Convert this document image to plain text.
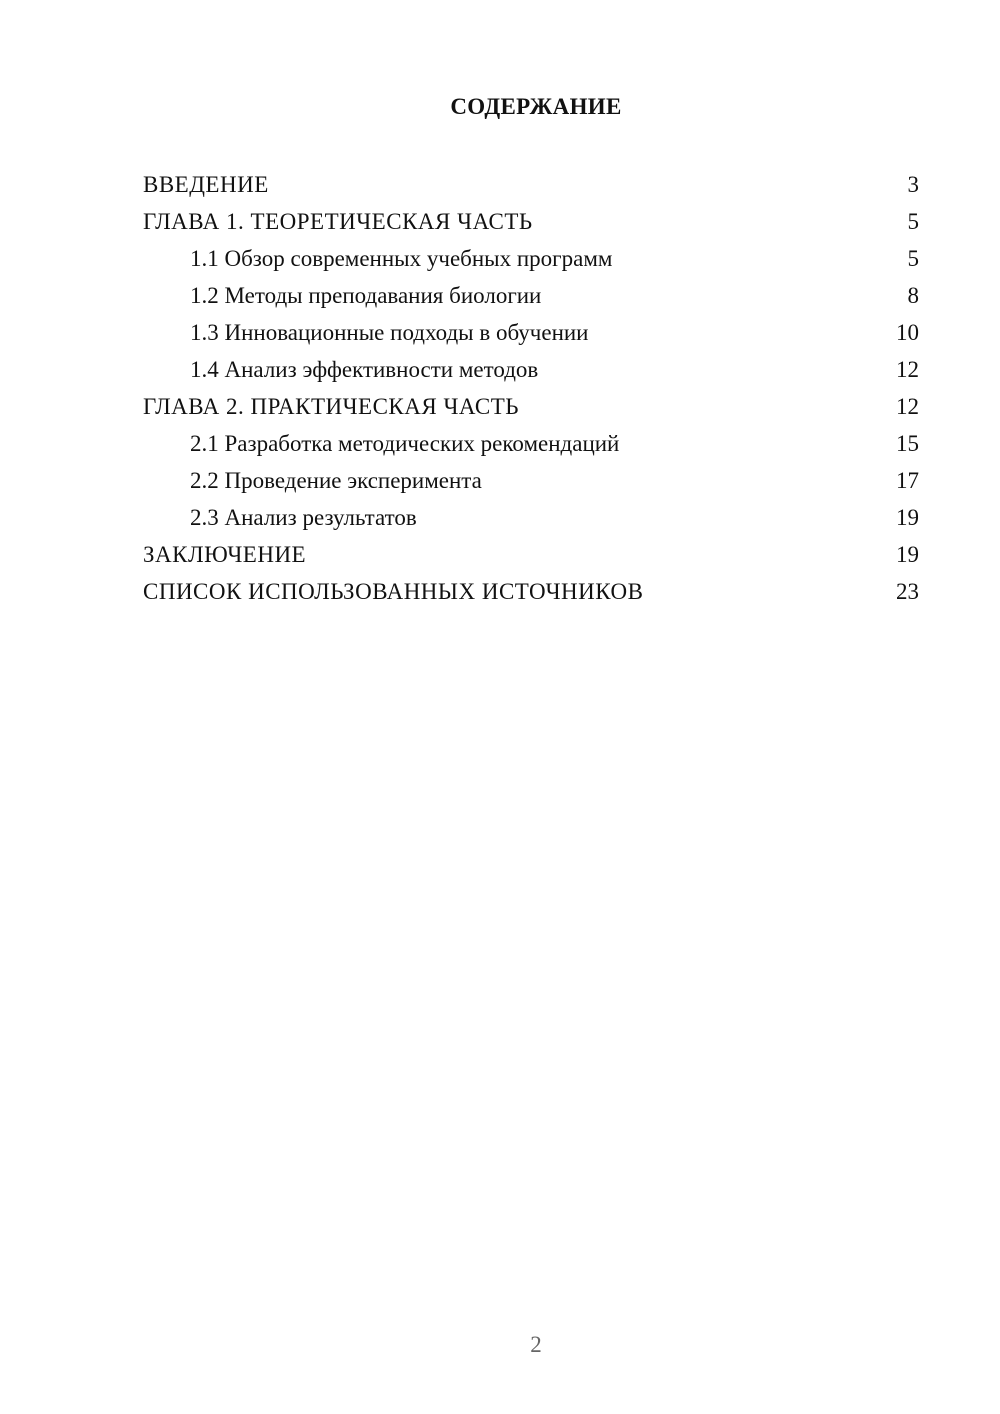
СОДЕРЖАНИЕ
ВВЕДЕНИЕ	3
ГЛАВА 1. ТЕОРЕТИЧЕСКАЯ ЧАСТЬ	5
1.1 Обзор современных учебных программ	5
1.2 Методы преподавания биологии	8
1.3 Инновационные подходы в обучении	10
1.4 Анализ эффективности методов	12
ГЛАВА 2. ПРАКТИЧЕСКАЯ ЧАСТЬ	12
2.1 Разработка методических рекомендаций	15
2.2 Проведение эксперимента	17
2.3 Анализ результатов	19
ЗАКЛЮЧЕНИЕ	19
СПИСОК ИСПОЛЬЗОВАННЫХ ИСТОЧНИКОВ	23
2
